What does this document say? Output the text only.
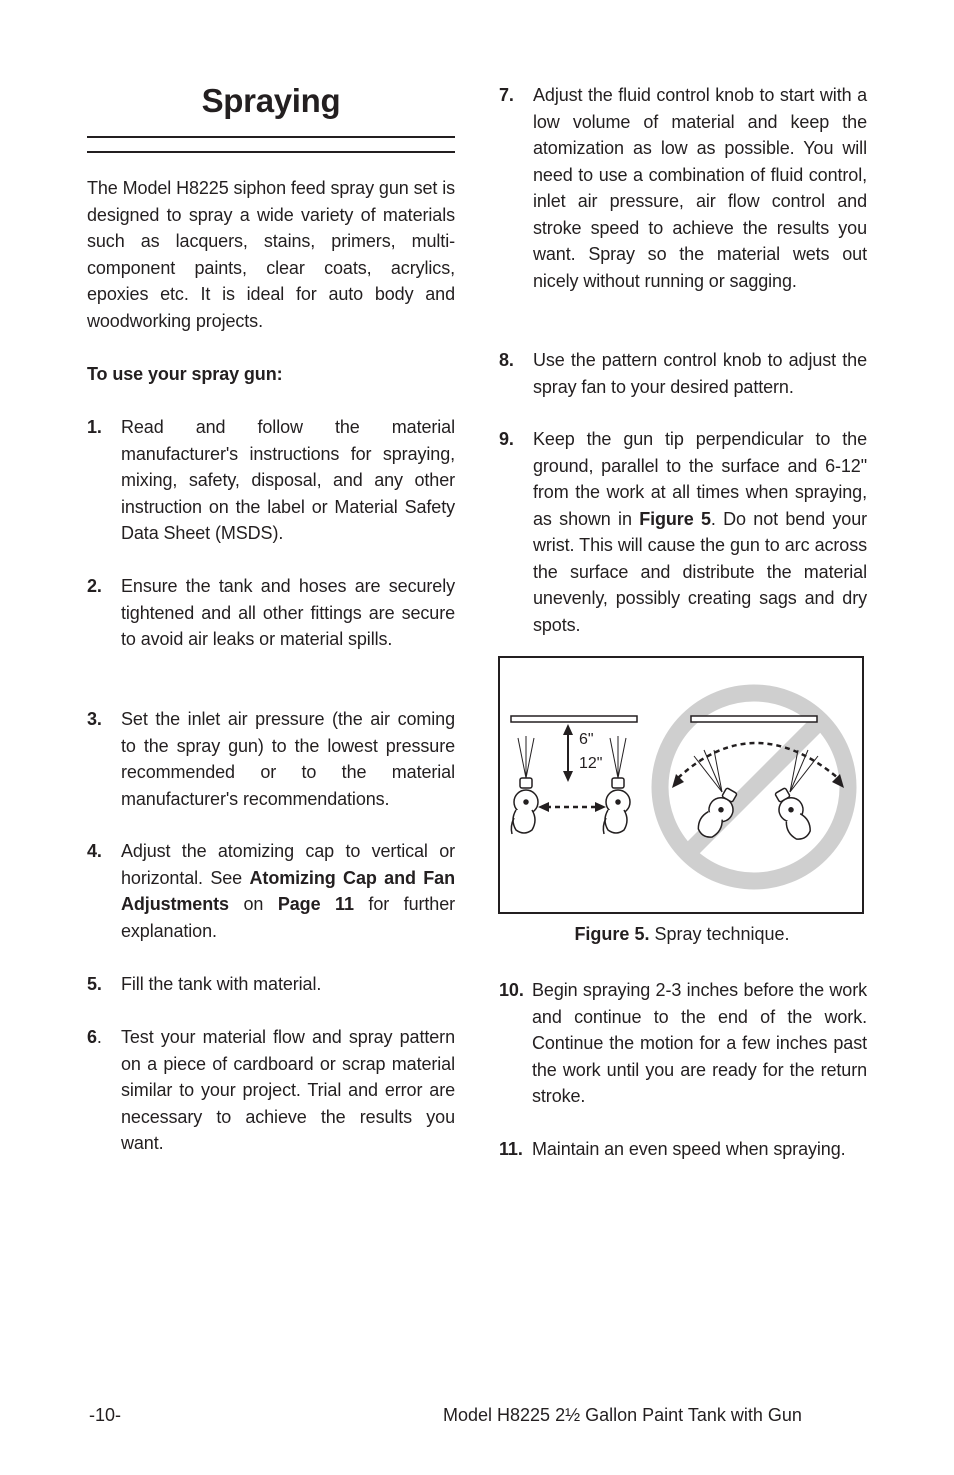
Spraying

The Model H8225 siphon feed spray gun set is designed to spray a wide variety of materials such as lacquers, stains, primers, multi-component paints, clear coats, acrylics, epoxies etc. It is ideal for auto body and woodworking projects.

To use your spray gun:

1. Read and follow the material manufacturer's instructions for spraying, mixing, safety, disposal, and any other instruction on the label or Material Safety Data Sheet (MSDS).

2. Ensure the tank and hoses are securely tightened and all other fittings are secure to avoid air leaks or material spills.

3. Set the inlet air pressure (the air coming to the spray gun) to the lowest pressure recommended or to the material manufacturer's recommendations.

4. Adjust the atomizing cap to vertical or horizontal. See Atomizing Cap and Fan Adjustments on Page 11 for further explanation.

5. Fill the tank with material.

6. Test your material flow and spray pattern on a piece of cardboard or scrap material similar to your project. Trial and error are necessary to achieve the results you want.

7. Adjust the fluid control knob to start with a low volume of material and keep the atomization as low as possible. You will need to use a combination of fluid control, inlet air pressure, air flow control and stroke speed to achieve the results you want. Spray so the material wets out nicely without running or sagging.

8. Use the pattern control knob to adjust the spray fan to your desired pattern.

9. Keep the gun tip perpendicular to the ground, parallel to the surface and 6-12" from the work at all times when spraying, as shown in Figure 5. Do not bend your wrist. This will cause the gun to arc across the surface and distribute the material unevenly, possibly creating sags and dry spots.

6"
12"
Figure 5. Spray technique.
10. Begin spraying 2-3 inches before the work and continue to the end of the work. Continue the motion for a few inches past the work until you are ready for the return stroke.

11. Maintain an even speed when spraying.

-10-	Model H8225 2½ Gallon Paint Tank with Gun
